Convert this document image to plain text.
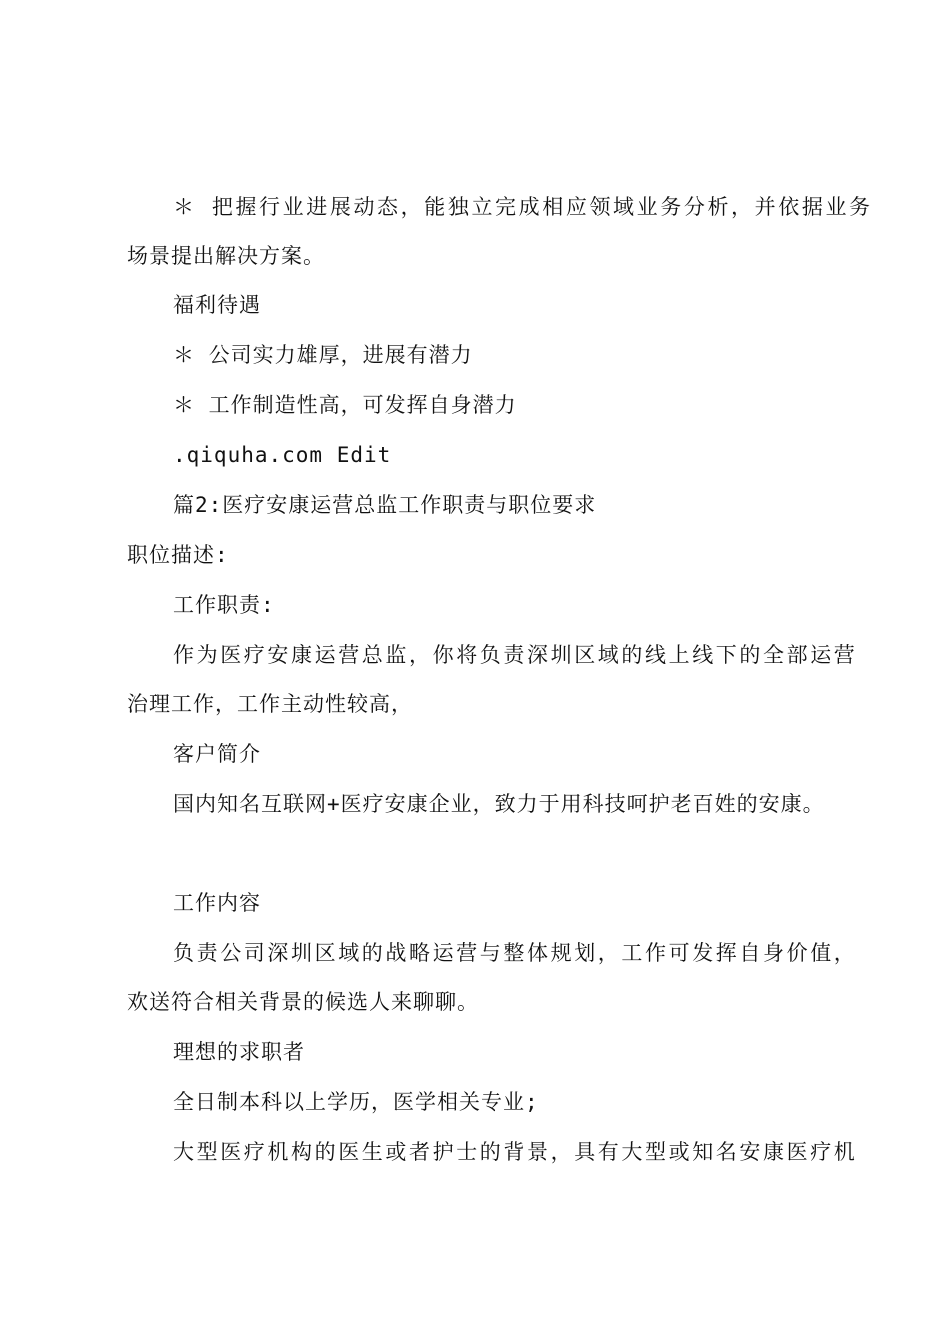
＊ 把握行业进展动态，能独立完成相应领域业务分析，并依据业务
场景提出解决方案。
福利待遇
＊ 公司实力雄厚，进展有潜力
＊ 工作制造性高，可发挥自身潜力
.qiquha.com Edit
篇2:医疗安康运营总监工作职责与职位要求
职位描述:
工作职责:
作为医疗安康运营总监，你将负责深圳区域的线上线下的全部运营
治理工作，工作主动性较高，
客户简介
国内知名互联网+医疗安康企业，致力于用科技呵护老百姓的安康。
工作内容
负责公司深圳区域的战略运营与整体规划，工作可发挥自身价值，
欢送符合相关背景的候选人来聊聊。
理想的求职者
全日制本科以上学历，医学相关专业;
大型医疗机构的医生或者护士的背景，具有大型或知名安康医疗机
